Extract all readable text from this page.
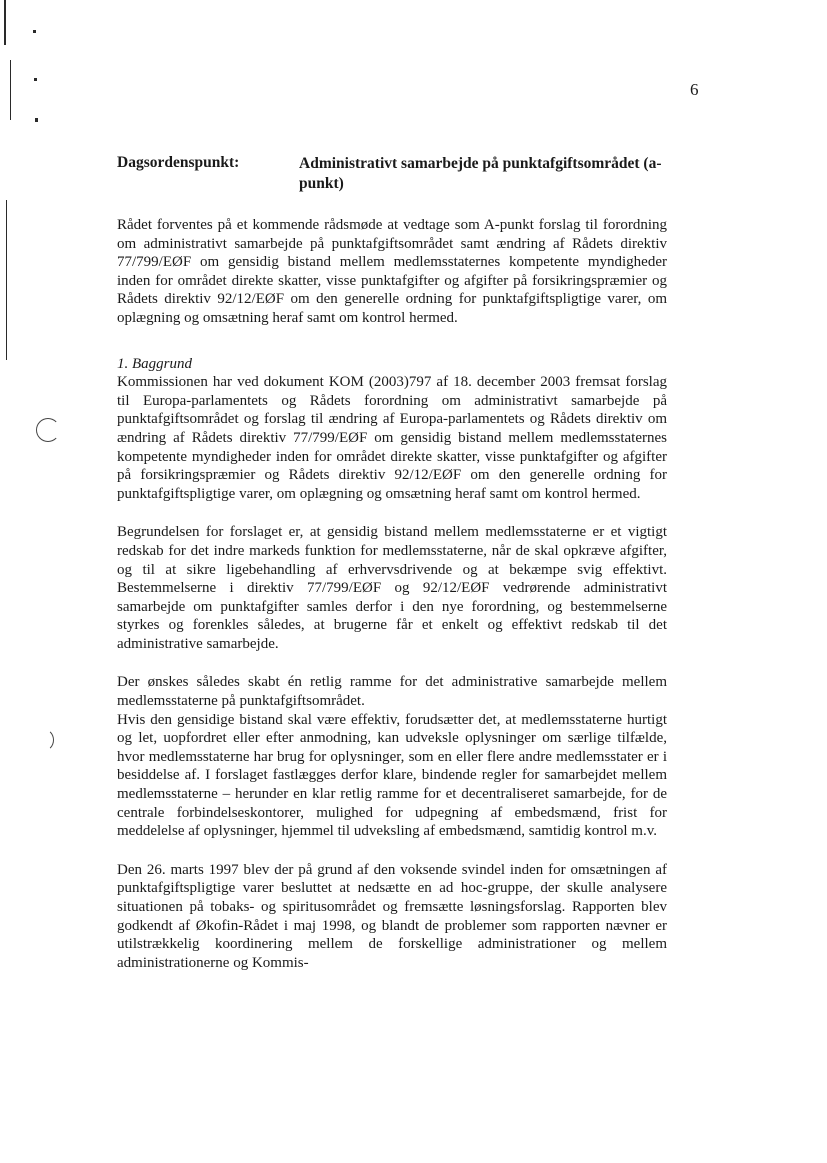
6
Dagsordenspunkt:	Administrativt samarbejde på punktafgiftsområdet (a-punkt)

Rådet forventes på et kommende rådsmøde at vedtage som A-punkt forslag til forordning om administrativt samarbejde på punktafgiftsområdet samt ændring af Rådets direktiv 77/799/EØF om gensidig bistand mellem medlemsstaternes kompetente myndigheder inden for området direkte skatter, visse punktafgifter og afgifter på forsikringspræmier og Rådets direktiv 92/12/EØF om den generelle ordning for punktafgiftspligtige varer, om oplægning og omsætning heraf samt om kontrol hermed.

1. Baggrund

Kommissionen har ved dokument KOM (2003)797 af 18. december 2003 fremsat forslag til Europa-parlamentets og Rådets forordning om administrativt samarbejde på punktafgiftsområdet og forslag til ændring af Europa-parlamentets og Rådets direktiv om ændring af Rådets direktiv 77/799/EØF om gensidig bistand mellem medlemsstaternes kompetente myndigheder inden for området direkte skatter, visse punktafgifter og afgifter på forsikringspræmier og Rådets direktiv 92/12/EØF om den generelle ordning for punktafgiftspligtige varer, om oplægning og omsætning heraf samt om kontrol hermed.

Begrundelsen for forslaget er, at gensidig bistand mellem medlemsstaterne er et vigtigt redskab for det indre markeds funktion for medlemsstaterne, når de skal opkræve afgifter, og til at sikre ligebehandling af erhvervsdrivende og at bekæmpe svig effektivt. Bestemmelserne i direktiv 77/799/EØF og 92/12/EØF vedrørende administrativt samarbejde om punktafgifter samles derfor i den nye forordning, og bestemmelserne styrkes og forenkles således, at brugerne får et enkelt og effektivt redskab til det administrative samarbejde.

Der ønskes således skabt én retlig ramme for det administrative samarbejde mellem medlemsstaterne på punktafgiftsområdet.

Hvis den gensidige bistand skal være effektiv, forudsætter det, at medlemsstaterne hurtigt og let, uopfordret eller efter anmodning, kan udveksle oplysninger om særlige tilfælde, hvor medlemsstaterne har brug for oplysninger, som en eller flere andre medlemsstater er i besiddelse af. I forslaget fastlægges derfor klare, bindende regler for samarbejdet mellem medlemsstaterne – herunder en klar retlig ramme for et decentraliseret samarbejde, for de centrale forbindelseskontorer, mulighed for udpegning af embedsmænd, frist for meddelelse af oplysninger, hjemmel til udveksling af embedsmænd, samtidig kontrol m.v.

Den 26. marts 1997 blev der på grund af den voksende svindel inden for omsætningen af punktafgiftspligtige varer besluttet at nedsætte en ad hoc-gruppe, der skulle analysere situationen på tobaks- og spiritusområdet og fremsætte løsningsforslag. Rapporten blev godkendt af Økofin-Rådet i maj 1998, og blandt de problemer som rapporten nævner er utilstrækkelig koordinering mellem de forskellige administrationer og mellem administrationerne og Kommis-
